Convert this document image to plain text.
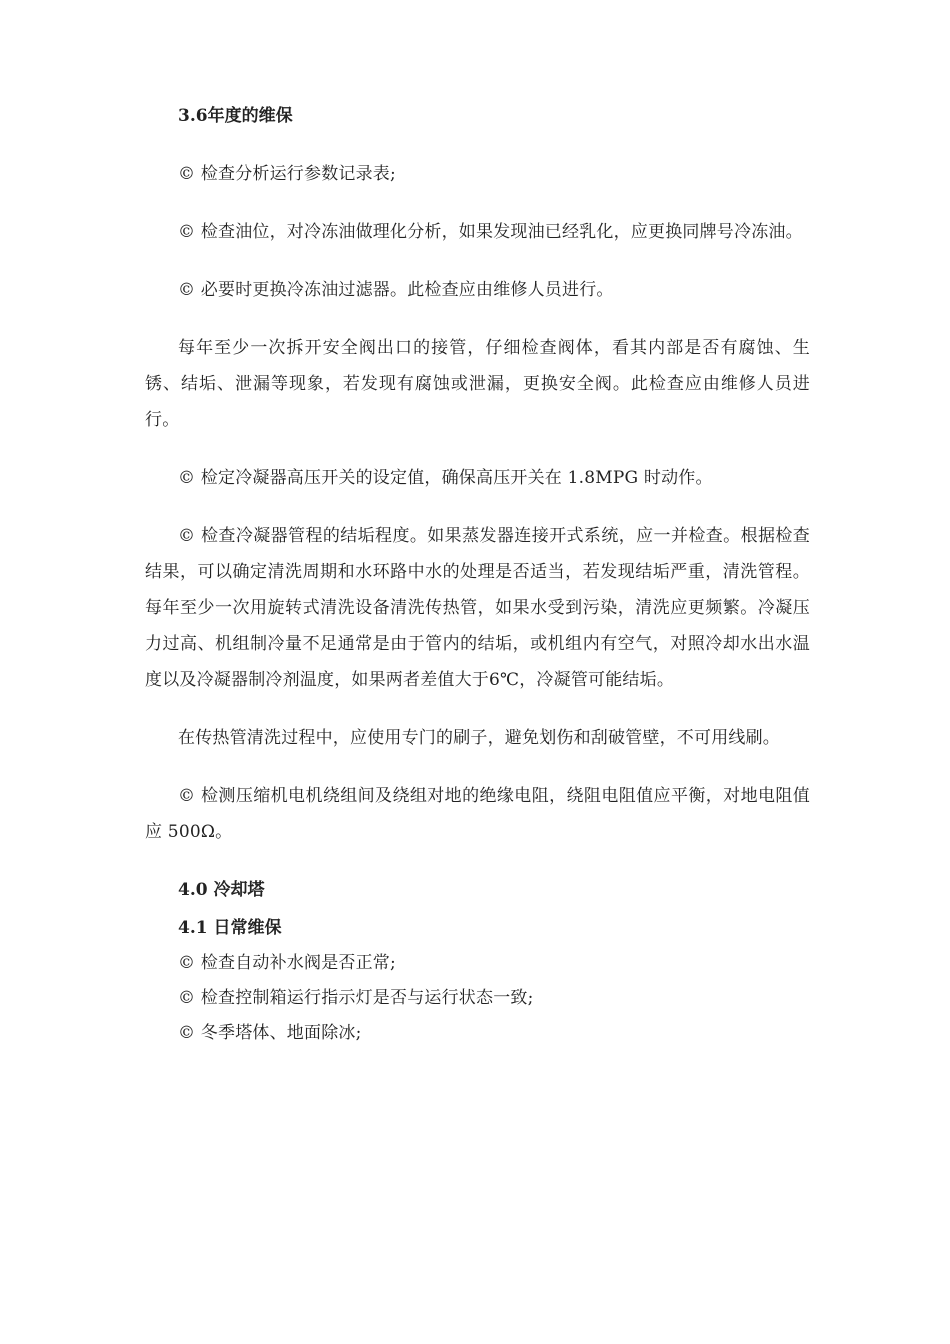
3.6年度的维保

© 检查分析运行参数记录表;

© 检查油位，对冷冻油做理化分析，如果发现油已经乳化，应更换同牌号冷冻油。

© 必要时更换冷冻油过滤器。此检查应由维修人员进行。

每年至少一次拆开安全阀出口的接管，仔细检查阀体，看其内部是否有腐蚀、生锈、结垢、泄漏等现象，若发现有腐蚀或泄漏，更换安全阀。此检查应由维修人员进行。

© 检定冷凝器高压开关的设定值，确保高压开关在 1.8MPG 时动作。

© 检查冷凝器管程的结垢程度。如果蒸发器连接开式系统，应一并检查。根据检查结果，可以确定清洗周期和水环路中水的处理是否适当，若发现结垢严重，清洗管程。每年至少一次用旋转式清洗设备清洗传热管，如果水受到污染，清洗应更频繁。冷凝压力过高、机组制冷量不足通常是由于管内的结垢，或机组内有空气，对照冷却水出水温度以及冷凝器制冷剂温度，如果两者差值大于6℃，冷凝管可能结垢。

在传热管清洗过程中，应使用专门的刷子，避免划伤和刮破管壁，不可用线刷。

© 检测压缩机电机绕组间及绕组对地的绝缘电阻，绕阻电阻值应平衡，对地电阻值应 500Ω。

4.0 冷却塔

4.1 日常维保

© 检查自动补水阀是否正常;

© 检查控制箱运行指示灯是否与运行状态一致;

© 冬季塔体、地面除冰;
